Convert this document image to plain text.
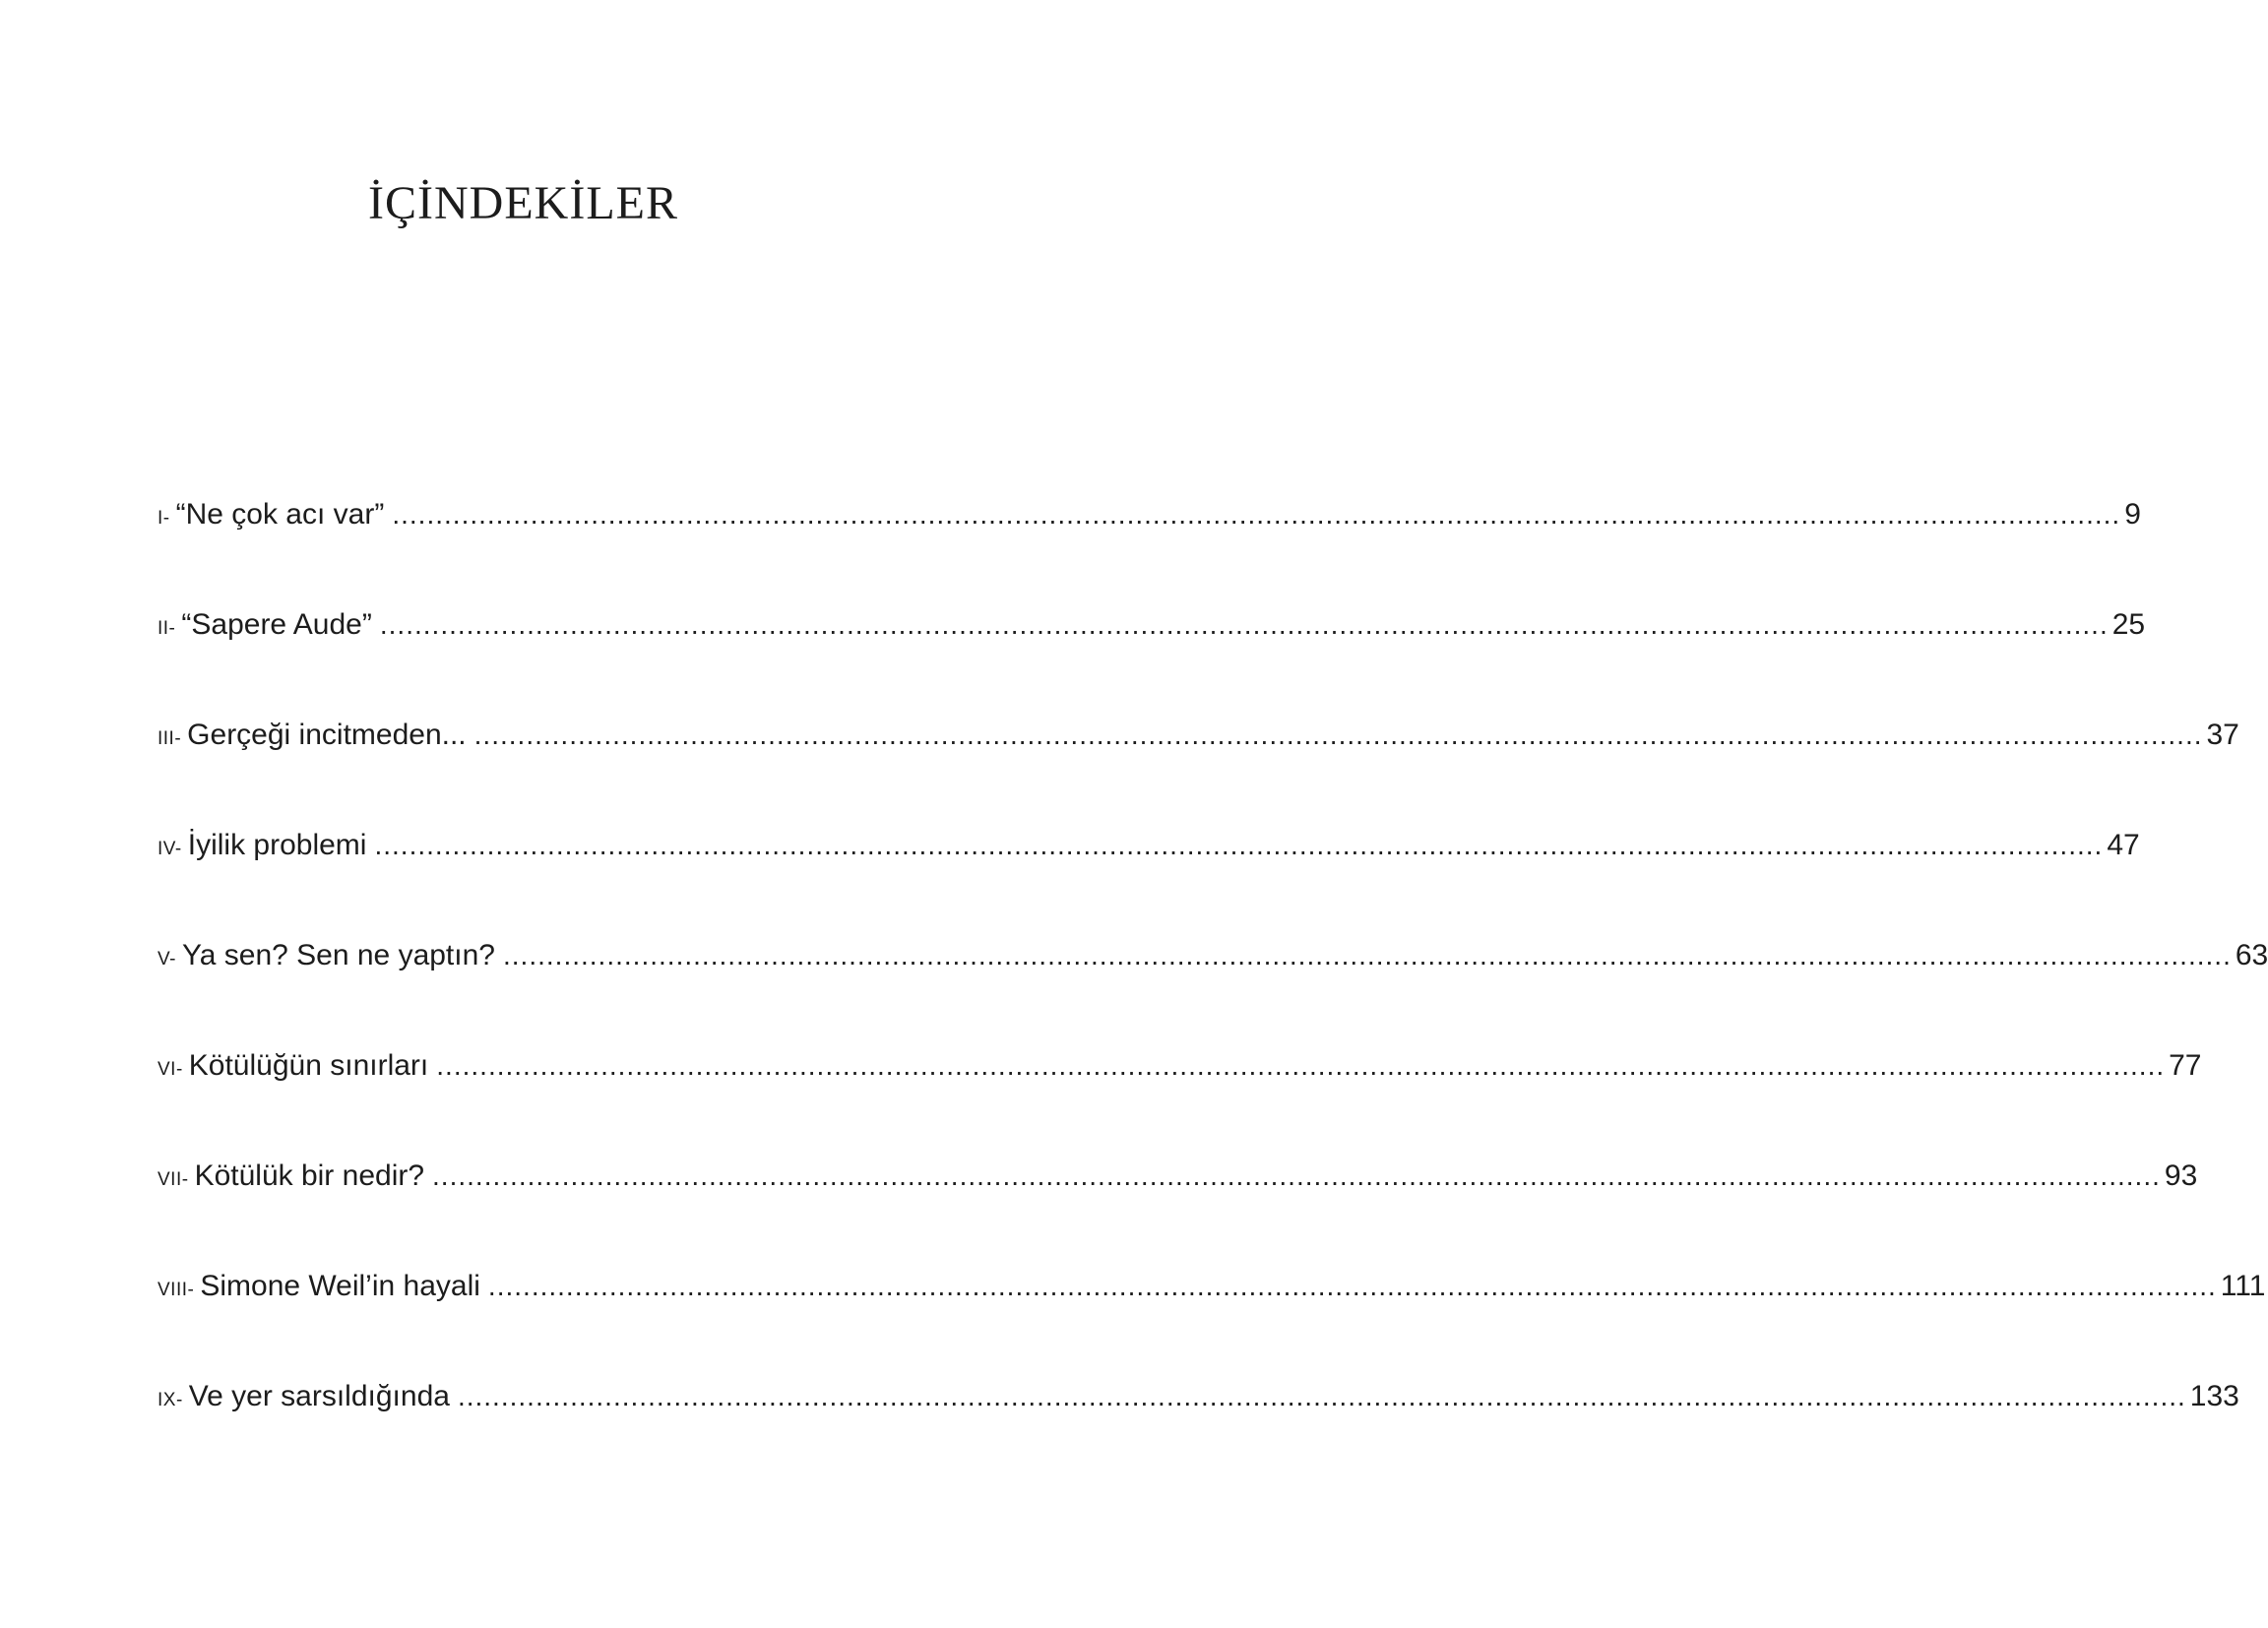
İÇİNDEKİLER
I- “Ne çok acı var” ........................................................................................................................................................................................................ 9
II- “Sapere Aude” ........................................................................................................................................................................................................ 25
III- Gerçeği incitmeden... ........................................................................................................................................................................................................ 37
IV- İyilik problemi ........................................................................................................................................................................................................ 47
V- Ya sen? Sen ne yaptın? ........................................................................................................................................................................................................ 63
VI- Kötülüğün sınırları ........................................................................................................................................................................................................ 77
VII- Kötülük bir nedir? ........................................................................................................................................................................................................ 93
VIII- Simone Weil’in hayali ........................................................................................................................................................................................................ 111
IX- Ve yer sarsıldığında ........................................................................................................................................................................................................ 133
